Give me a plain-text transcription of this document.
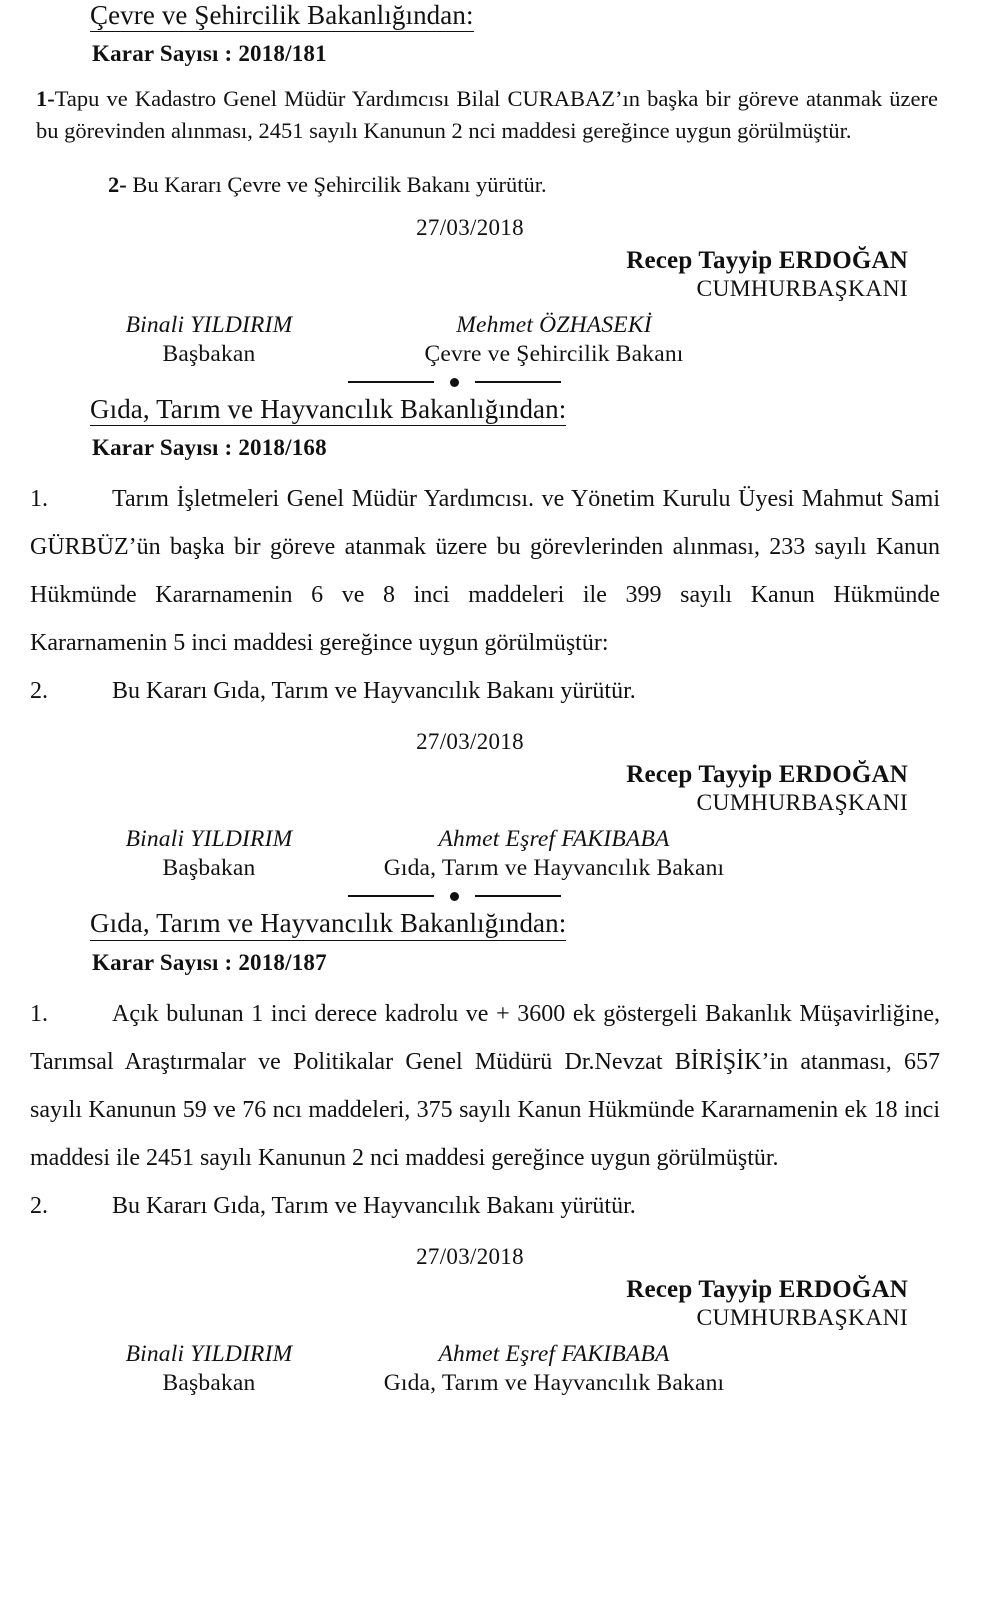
Çevre ve Şehircilik Bakanlığından:
Karar Sayısı : 2018/181

1-Tapu ve Kadastro Genel Müdür Yardımcısı Bilal CURABAZ’ın başka bir göreve atanmak üzere bu görevinden alınması, 2451 sayılı Kanunun 2 nci maddesi gereğince uygun görülmüştür.

2- Bu Kararı Çevre ve Şehircilik Bakanı yürütür.

27/03/2018
Recep Tayyip ERDOĞAN
CUMHURBAŞKANI
Binali YILDIRIM
Başbakan
Mehmet ÖZHASEKİ
Çevre ve Şehircilik Bakanı
Gıda, Tarım ve Hayvancılık Bakanlığından:
Karar Sayısı : 2018/168

1.	Tarım İşletmeleri Genel Müdür Yardımcısı. ve Yönetim Kurulu Üyesi Mahmut Sami GÜRBÜZ’ün başka bir göreve atanmak üzere bu görevlerinden alınması, 233 sayılı Kanun Hükmünde Kararnamenin 6 ve 8 inci maddeleri ile 399 sayılı Kanun Hükmünde Kararnamenin 5 inci maddesi gereğince uygun görülmüştür:

2.	Bu Kararı Gıda, Tarım ve Hayvancılık Bakanı yürütür.

27/03/2018
Recep Tayyip ERDOĞAN
CUMHURBAŞKANI
Binali YILDIRIM
Başbakan
Ahmet Eşref FAKIBABA
Gıda, Tarım ve Hayvancılık Bakanı
Gıda, Tarım ve Hayvancılık Bakanlığından:
Karar Sayısı : 2018/187

1.	Açık bulunan 1 inci derece kadrolu ve + 3600 ek göstergeli Bakanlık Müşavirliğine, Tarımsal Araştırmalar ve Politikalar Genel Müdürü Dr.Nevzat BİRİŞİK’in atanması, 657 sayılı Kanunun 59 ve 76 ncı maddeleri, 375 sayılı Kanun Hükmünde Kararnamenin ek 18 inci maddesi ile 2451 sayılı Kanunun 2 nci maddesi gereğince uygun görülmüştür.

2.	Bu Kararı Gıda, Tarım ve Hayvancılık Bakanı yürütür.

27/03/2018
Recep Tayyip ERDOĞAN
CUMHURBAŞKANI
Binali YILDIRIM
Başbakan
Ahmet Eşref FAKIBABA
Gıda, Tarım ve Hayvancılık Bakanı
